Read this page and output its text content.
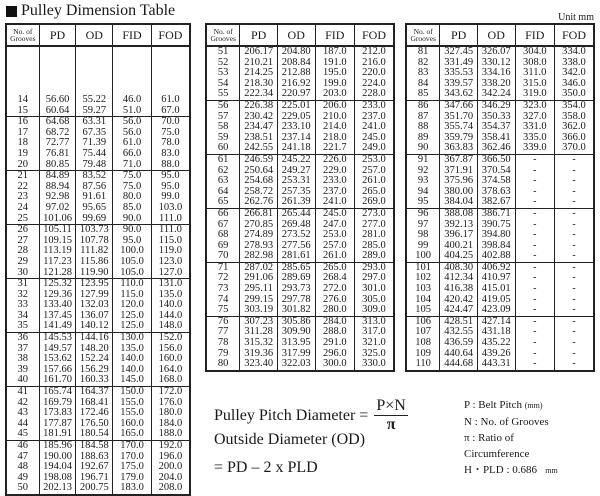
Pulley Dimension Table	Unit mm
No. of Grooves	PD	OD	FID	FOD

14	56.60	55.22	46.0	61.0
15	60.64	59.27	51.0	67.0
16	64.68	63.31	56.0	70.0
17	68.72	67.35	56.0	75.0
18	72.77	71.39	61.0	78.0
19	76.81	75.44	66.0	83.0
20	80.85	79.48	71.0	88.0
21	84.89	83.52	75.0	95.0
22	88.94	87.56	75.0	95.0
23	92.98	91.61	80.0	99.0
24	97.02	95.65	85.0	103.0
25	101.06	99.69	90.0	111.0
26	105.11	103.73	90.0	111.0
27	109.15	107.78	95.0	115.0
28	113.19	111.82	100.0	119.0
29	117.23	115.86	105.0	123.0
30	121.28	119.90	105.0	127.0
31	125.32	123.95	110.0	131.0
32	129.36	127.99	115.0	135.0
33	133.40	132.03	120.0	140.0
34	137.45	136.07	125.0	144.0
35	141.49	140.12	125.0	148.0
36	145.53	144.16	130.0	152.0
37	149.57	148.20	135.0	156.0
38	153.62	152.24	140.0	160.0
39	157.66	156.29	140.0	164.0
40	161.70	160.33	145.0	168.0
41	165.74	164.37	150.0	172.0
42	169.79	168.41	155.0	176.0
43	173.83	172.46	155.0	180.0
44	177.87	176.50	160.0	184.0
45	181.91	180.54	165.0	188.0
46	185.96	184.58	170.0	192.0
47	190.00	188.63	170.0	196.0
48	194.04	192.67	175.0	200.0
49	198.08	196.71	179.0	204.0
50	202.13	200.75	183.0	208.0
No. of Grooves	PD	OD	FID	FOD
51	206.17	204.80	187.0	212.0
52	210.21	208.84	191.0	216.0
53	214.25	212.88	195.0	220.0
54	218.30	216.92	199.0	224.0
55	222.34	220.97	203.0	228.0
56	226.38	225.01	206.0	233.0
57	230.42	229.05	210.0	237.0
58	234.47	233.10	214.0	241.0
59	238.51	237.14	218.0	245.0
60	242.55	241.18	221.7	249.0
61	246.59	245.22	226.0	253.0
62	250.64	249.27	229.0	257.0
63	254.68	253.31	233.0	261.0
64	258.72	257.35	237.0	265.0
65	262.76	261.39	241.0	269.0
66	266.81	265.44	245.0	273.0
67	270.85	269.48	247.0	277.0
68	274.89	273.52	253.0	281.0
69	278.93	277.56	257.0	285.0
70	282.98	281.61	261.0	289.0
71	287.02	285.65	265.0	293.0
72	291.06	289.69	268.4	297.0
73	295.11	293.73	272.0	301.0
74	299.15	297.78	276.0	305.0
75	303.19	301.82	280.0	309.0
76	307.23	305.86	284.0	313.0
77	311.28	309.90	288.0	317.0
78	315.32	313.95	291.0	321.0
79	319.36	317.99	296.0	325.0
80	323.40	322.03	300.0	330.0
No. of Grooves	PD	OD	FID	FOD
81	327.45	326.07	304.0	334.0
82	331.49	330.12	308.0	338.0
83	335.53	334.16	311.0	342.0
84	339.57	338.20	315.0	346.0
85	343.62	342.24	319.0	350.0
86	347.66	346.29	323.0	354.0
87	351.70	350.33	327.0	358.0
88	355.74	354.37	331.0	362.0
89	359.79	358.41	335.0	366.0
90	363.83	362.46	339.0	370.0
91	367.87	366.50	-	-
92	371.91	370.54	-	-
93	375.96	374.58	-	-
94	380.00	378.63	-	-
95	384.04	382.67	-	-
96	388.08	386.71	-	-
97	392.13	390.75	-	-
98	396.17	394.80	-	-
99	400.21	398.84	-	-
100	404.25	402.88	-	-
101	408.30	406.92	-	-
102	412.34	410.97	-	-
103	416.38	415.01	-	-
104	420.42	419.05	-	-
105	424.47	423.09	-	-
106	428.51	427.14	-	-
107	432.55	431.18	-	-
108	436.59	435.22	-	-
109	440.64	439.26	-	-
110	444.68	443.31	-	-
Pulley Pitch Diameter = $\frac{P\times N}{\pi}$
Outside Diameter (OD)
= PD – 2 x PLD
P : Belt Pitch (mm)
N : No. of Grooves
π : Ratio of
Circumference
H・PLD : 0.686 mm
